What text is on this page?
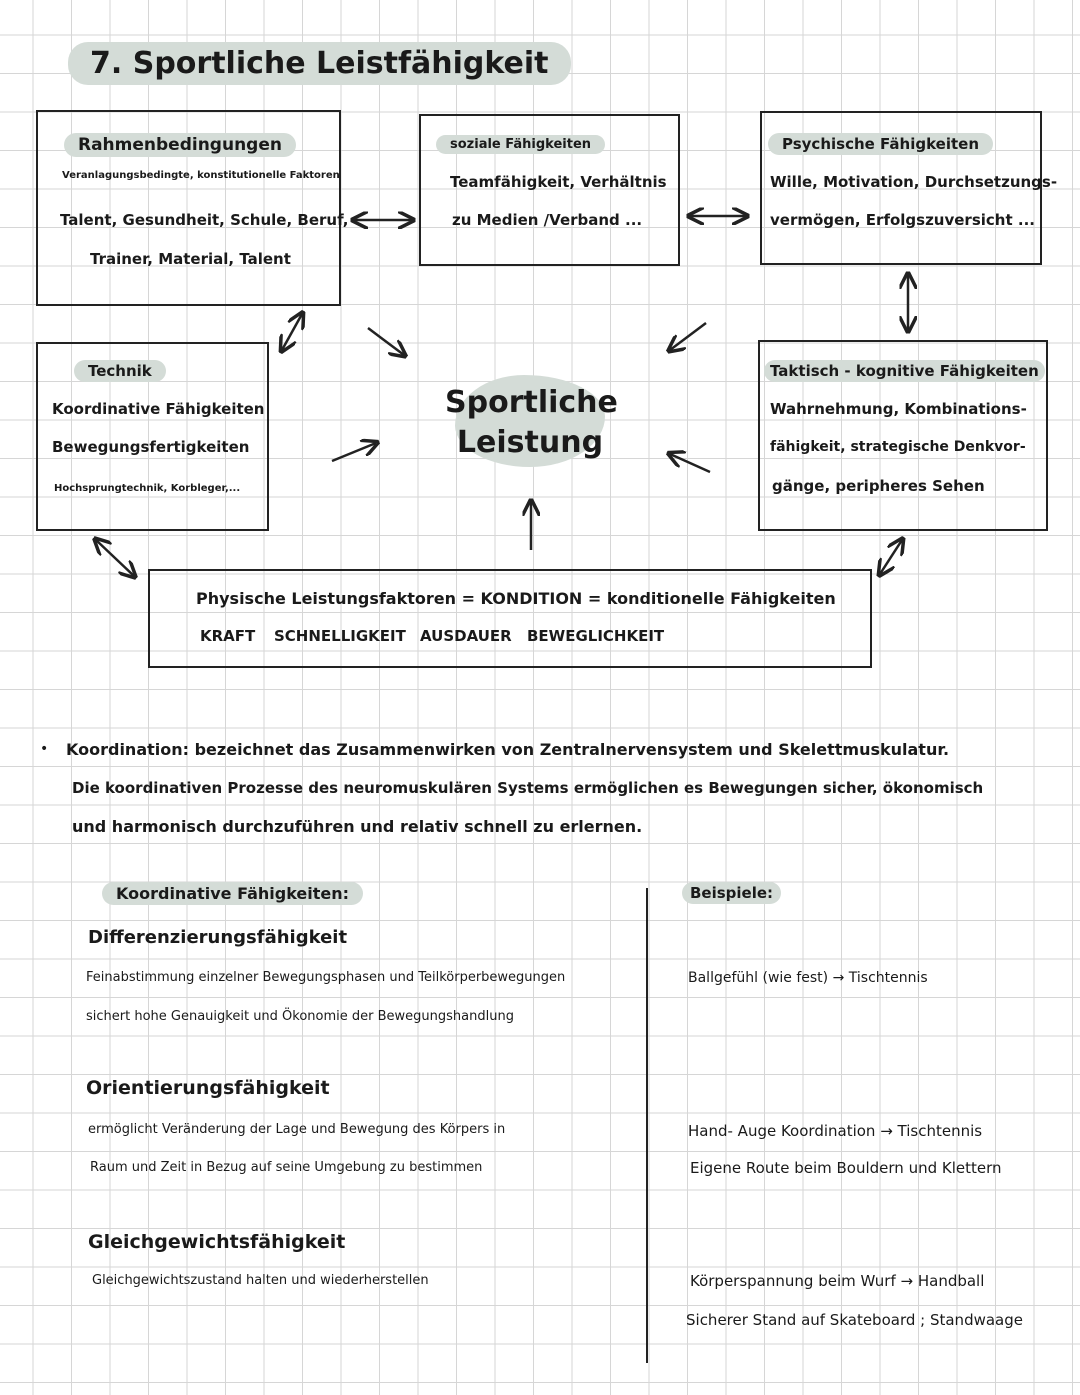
7. Sportliche Leistfähigkeit
Rahmenbedingungen
Veranlagungsbedingte, konstitutionelle Faktoren
Talent, Gesundheit, Schule, Beruf,
Trainer, Material, Talent
soziale Fähigkeiten
Teamfähigkeit, Verhältnis
zu Medien /Verband ...
Psychische Fähigkeiten
Wille, Motivation, Durchsetzungs-
vermögen, Erfolgszuversicht ...
Technik
Koordinative Fähigkeiten
Bewegungsfertigkeiten
Hochsprungtechnik, Korbleger,...
Taktisch - kognitive Fähigkeiten
Wahrnehmung, Kombinations-
fähigkeit, strategische Denkvor-
gänge, peripheres Sehen
Sportliche
Leistung
Physische Leistungsfaktoren = KONDITION = konditionelle Fähigkeiten
KRAFT SCHNELLIGKEIT AUSDAUER BEWEGLICHKEIT
• Koordination: bezeichnet das Zusammenwirken von Zentralnervensystem und Skelettmuskulatur.
Die koordinativen Prozesse des neuromuskulären Systems ermöglichen es Bewegungen sicher, ökonomisch
und harmonisch durchzuführen und relativ schnell zu erlernen.
Koordinative Fähigkeiten:	Beispiele:
Differenzierungsfähigkeit
Feinabstimmung einzelner Bewegungsphasen und Teilkörperbewegungen
sichert hohe Genauigkeit und Ökonomie der Bewegungshandlung
Ballgefühl (wie fest) → Tischtennis
Orientierungsfähigkeit
ermöglicht Veränderung der Lage und Bewegung des Körpers in
Raum und Zeit in Bezug auf seine Umgebung zu bestimmen
Hand- Auge Koordination → Tischtennis
Eigene Route beim Bouldern und Klettern
Gleichgewichtsfähigkeit
Gleichgewichtszustand halten und wiederherstellen	Körperspannung beim Wurf → Handball
Sicherer Stand auf Skateboard ; Standwaage
